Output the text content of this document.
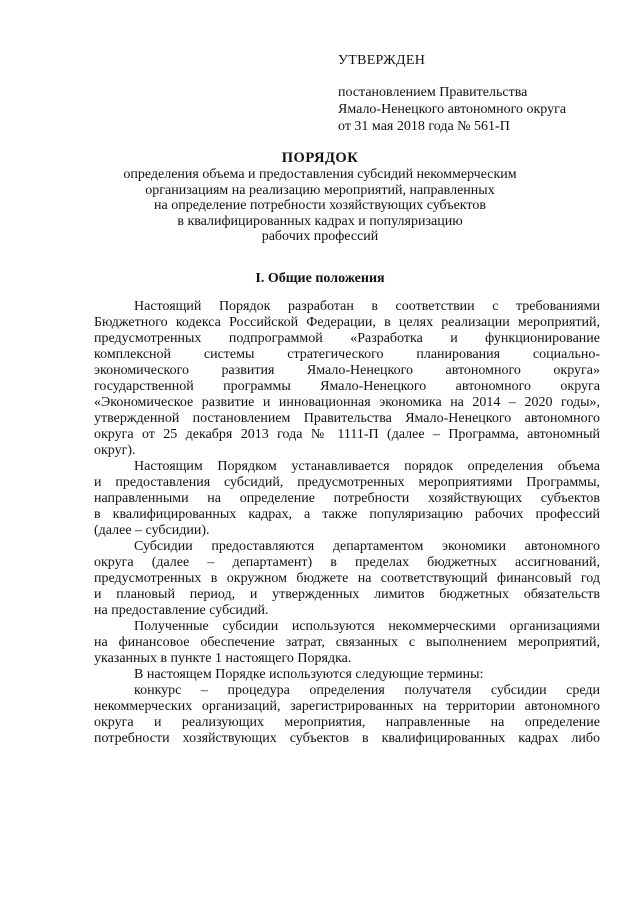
УТВЕРЖДЕН
постановлением Правительства
Ямало-Ненецкого автономного округа
от 31 мая 2018 года № 561-П
ПОРЯДОК
определения объема и предоставления субсидий некоммерческим
организациям на реализацию мероприятий, направленных
на определение потребности хозяйствующих субъектов
в квалифицированных кадрах и популяризацию
рабочих профессий
I. Общие положения
Настоящий Порядок разработан в соответствии с требованиями
Бюджетного кодекса Российской Федерации, в целях реализации мероприятий,
предусмотренных подпрограммой «Разработка и функционирование
комплексной системы стратегического планирования социально-
экономического развития Ямало-Ненецкого автономного округа»
государственной программы Ямало-Ненецкого автономного округа
«Экономическое развитие и инновационная экономика на 2014 – 2020 годы»,
утвержденной постановлением Правительства Ямало-Ненецкого автономного
округа от 25 декабря 2013 года № 1111-П (далее – Программа, автономный
округ).
Настоящим Порядком устанавливается порядок определения объема
и предоставления субсидий, предусмотренных мероприятиями Программы,
направленными на определение потребности хозяйствующих субъектов
в квалифицированных кадрах, а также популяризацию рабочих профессий
(далее – субсидии).
Субсидии предоставляются департаментом экономики автономного
округа (далее – департамент) в пределах бюджетных ассигнований,
предусмотренных в окружном бюджете на соответствующий финансовый год
и плановый период, и утвержденных лимитов бюджетных обязательств
на предоставление субсидий.
Полученные субсидии используются некоммерческими организациями
на финансовое обеспечение затрат, связанных с выполнением мероприятий,
указанных в пункте 1 настоящего Порядка.
В настоящем Порядке используются следующие термины:
конкурс – процедура определения получателя субсидии среди
некоммерческих организаций, зарегистрированных на территории автономного
округа и реализующих мероприятия, направленные на определение
потребности хозяйствующих субъектов в квалифицированных кадрах либо
